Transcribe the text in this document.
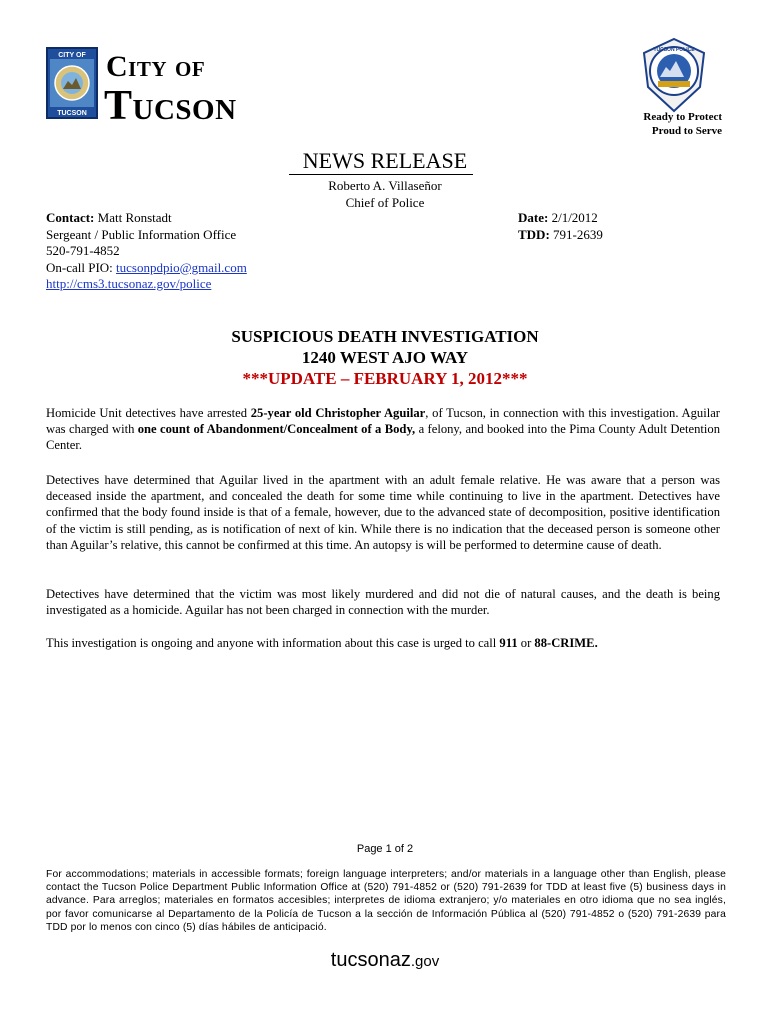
CITY OF
TUCSON
City of
Tucson
TUCSON POLICE
Ready to Protect
Proud to Serve
NEWS RELEASE
Roberto A. Villaseñor
Chief of Police
Contact: Matt Ronstadt
Sergeant / Public Information Office
520-791-4852
On-call PIO: tucsonpdpio@gmail.com
http://cms3.tucsonaz.gov/police
Date: 2/1/2012
TDD: 791-2639
SUSPICIOUS DEATH INVESTIGATION
1240 WEST AJO WAY
***UPDATE – FEBRUARY 1, 2012***
Homicide Unit detectives have arrested 25-year old Christopher Aguilar, of Tucson, in connection with this investigation. Aguilar was charged with one count of Abandonment/Concealment of a Body, a felony, and booked into the Pima County Adult Detention Center.
Detectives have determined that Aguilar lived in the apartment with an adult female relative. He was aware that a person was deceased inside the apartment, and concealed the death for some time while continuing to live in the apartment. Detectives have confirmed that the body found inside is that of a female, however, due to the advanced state of decomposition, positive identification of the victim is still pending, as is notification of next of kin. While there is no indication that the deceased person is someone other than Aguilar’s relative, this cannot be confirmed at this time. An autopsy is will be performed to determine cause of death.
Detectives have determined that the victim was most likely murdered and did not die of natural causes, and the death is being investigated as a homicide. Aguilar has not been charged in connection with the murder.
This investigation is ongoing and anyone with information about this case is urged to call 911 or 88-CRIME.
Page 1 of 2
For accommodations; materials in accessible formats; foreign language interpreters; and/or materials in a language other than English, please contact the Tucson Police Department Public Information Office at (520) 791-4852 or (520) 791-2639 for TDD at least five (5) business days in advance. Para arreglos; materiales en formatos accesibles; interpretes de idioma extranjero; y/o materiales en otro idioma que no sea inglés, por favor comunicarse al Departamento de la Policía de Tucson a la sección de Información Pública al (520) 791-4852 o (520) 791-2639 para TDD por lo menos con cinco (5) días hábiles de anticipació.
tucsonaz.gov
